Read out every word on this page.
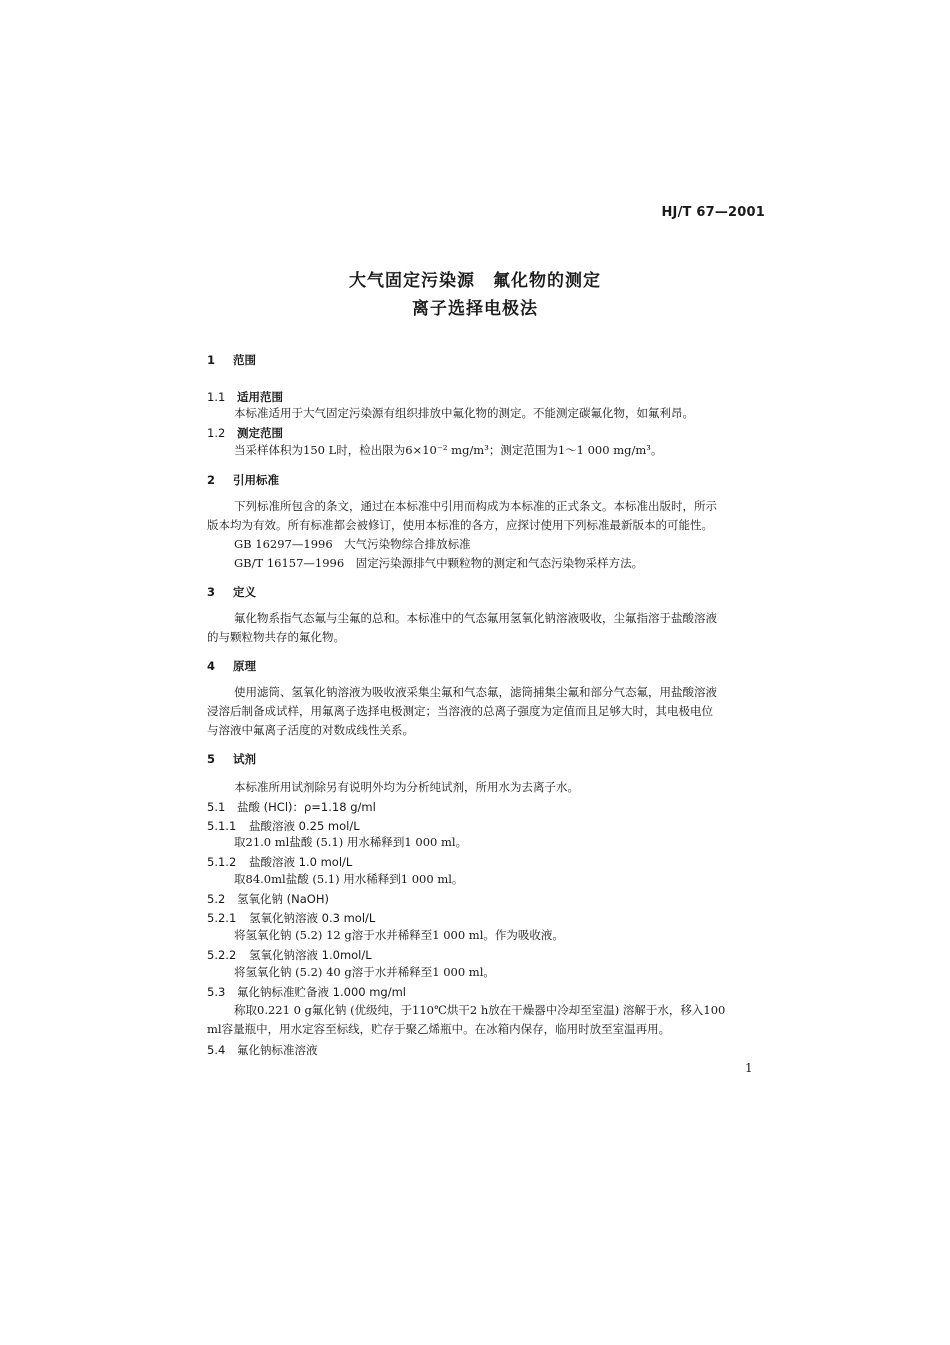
HJ/T 67—2001
大气固定污染源　氟化物的测定
离子选择电极法
1 范围
1.1 适用范围
本标准适用于大气固定污染源有组织排放中氟化物的测定。不能测定碳氟化物，如氟利昂。
1.2 测定范围
当采样体积为150 L时，检出限为6×10⁻² mg/m³；测定范围为1～1 000 mg/m³。
2 引用标准
下列标准所包含的条文，通过在本标准中引用而构成为本标准的正式条文。本标准出版时，所示
版本均为有效。所有标准都会被修订，使用本标准的各方，应探讨使用下列标准最新版本的可能性。
GB 16297—1996　大气污染物综合排放标准
GB/T 16157—1996　固定污染源排气中颗粒物的测定和气态污染物采样方法。
3 定义
氟化物系指气态氟与尘氟的总和。本标准中的气态氟用氢氧化钠溶液吸收，尘氟指溶于盐酸溶液
的与颗粒物共存的氟化物。
4 原理
使用滤筒、氢氧化钠溶液为吸收液采集尘氟和气态氟，滤筒捕集尘氟和部分气态氟，用盐酸溶液
浸溶后制备成试样，用氟离子选择电极测定；当溶液的总离子强度为定值而且足够大时，其电极电位
与溶液中氟离子活度的对数成线性关系。
5 试剂
本标准所用试剂除另有说明外均为分析纯试剂，所用水为去离子水。
5.1 盐酸 (HCl)：ρ=1.18 g/ml
5.1.1 盐酸溶液 0.25 mol/L
取21.0 ml盐酸 (5.1) 用水稀释到1 000 ml。
5.1.2 盐酸溶液 1.0 mol/L
取84.0ml盐酸 (5.1) 用水稀释到1 000 ml。
5.2 氢氧化钠 (NaOH)
5.2.1 氢氧化钠溶液 0.3 mol/L
将氢氧化钠 (5.2) 12 g溶于水并稀释至1 000 ml。作为吸收液。
5.2.2 氢氧化钠溶液 1.0mol/L
将氢氧化钠 (5.2) 40 g溶于水并稀释至1 000 ml。
5.3 氟化钠标准贮备液 1.000 mg/ml
称取0.221 0 g氟化钠 (优级纯，于110℃烘干2 h放在干燥器中冷却至室温) 溶解于水，移入100
ml容量瓶中，用水定容至标线，贮存于聚乙烯瓶中。在冰箱内保存，临用时放至室温再用。
5.4 氟化钠标准溶液
1
